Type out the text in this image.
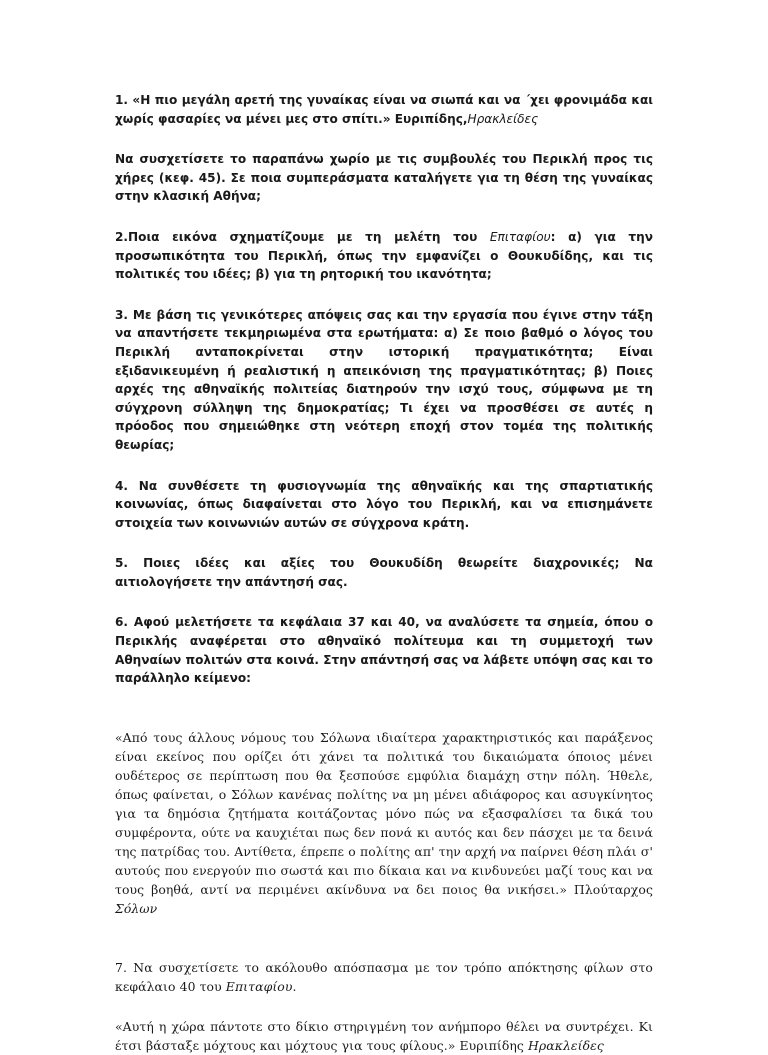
1. «Η πιο μεγάλη αρετή της γυναίκας είναι να σιωπά και να ΄χει φρονιμάδα και χωρίς φασαρίες να μένει μες στο σπίτι.» Ευριπίδης,Ηρακλείδες

Να συσχετίσετε το παραπάνω χωρίο με τις συμβουλές του Περικλή προς τις χήρες (κεφ. 45). Σε ποια συμπεράσματα καταλήγετε για τη θέση της γυναίκας στην κλασική Αθήνα;

2.Ποια εικόνα σχηματίζουμε με τη μελέτη του Επιταφίου: α) για την προσωπικότητα του Περικλή, όπως την εμφανίζει ο Θουκυδίδης, και τις πολιτικές του ιδέες; β) για τη ρητορική του ικανότητα;

3. Με βάση τις γενικότερες απόψεις σας και την εργασία που έγινε στην τάξη να απαντήσετε τεκμηριωμένα στα ερωτήματα: α) Σε ποιο βαθμό ο λόγος του Περικλή ανταποκρίνεται στην ιστορική πραγματικότητα; Είναι εξιδανικευμένη ή ρεαλιστική η απεικόνιση της πραγματικότητας; β) Ποιες αρχές της αθηναϊκής πολιτείας διατηρούν την ισχύ τους, σύμφωνα με τη σύγχρονη σύλληψη της δημοκρατίας; Τι έχει να προσθέσει σε αυτές η πρόοδος που σημειώθηκε στη νεότερη εποχή στον τομέα της πολιτικής θεωρίας;

4. Να συνθέσετε τη φυσιογνωμία της αθηναϊκής και της σπαρτιατικής κοινωνίας, όπως διαφαίνεται στο λόγο του Περικλή, και να επισημάνετε στοιχεία των κοινωνιών αυτών σε σύγχρονα κράτη.

5. Ποιες ιδέες και αξίες του Θουκυδίδη θεωρείτε διαχρονικές; Να αιτιολογήσετε την απάντησή σας.

6. Αφού μελετήσετε τα κεφάλαια 37 και 40, να αναλύσετε τα σημεία, όπου ο Περικλής αναφέρεται στο αθηναϊκό πολίτευμα και τη συμμετοχή των Αθηναίων πολιτών στα κοινά. Στην απάντησή σας να λάβετε υπόψη σας και το παράλληλο κείμενο:

«Από τους άλλους νόμους του Σόλωνα ιδιαίτερα χαρακτηριστικός και παράξενος είναι εκείνος που ορίζει ότι χάνει τα πολιτικά του δικαιώματα όποιος μένει ουδέτερος σε περίπτωση που θα ξεσπούσε εμφύλια διαμάχη στην πόλη. Ήθελε, όπως φαίνεται, ο Σόλων κανένας πολίτης να μη μένει αδιάφορος και ασυγκίνητος για τα δημόσια ζητήματα κοιτάζοντας μόνο πώς να εξασφαλίσει τα δικά του συμφέροντα, ούτε να καυχιέται πως δεν πονά κι αυτός και δεν πάσχει με τα δεινά της πατρίδας του. Αντίθετα, έπρεπε ο πολίτης απ' την αρχή να παίρνει θέση πλάι σ' αυτούς που ενεργούν πιο σωστά και πιο δίκαια και να κινδυνεύει μαζί τους και να τους βοηθά, αντί να περιμένει ακίνδυνα να δει ποιος θα νικήσει.» Πλούταρχος Σόλων

7. Να συσχετίσετε το ακόλουθο απόσπασμα με τον τρόπο απόκτησης φίλων στο κεφάλαιο 40 του Επιταφίου.

«Αυτή η χώρα πάντοτε στο δίκιο στηριγμένη τον ανήμπορο θέλει να συντρέχει. Κι έτσι βάσταξε μόχτους και μόχτους για τους φίλους.» Ευριπίδης Ηρακλείδες
